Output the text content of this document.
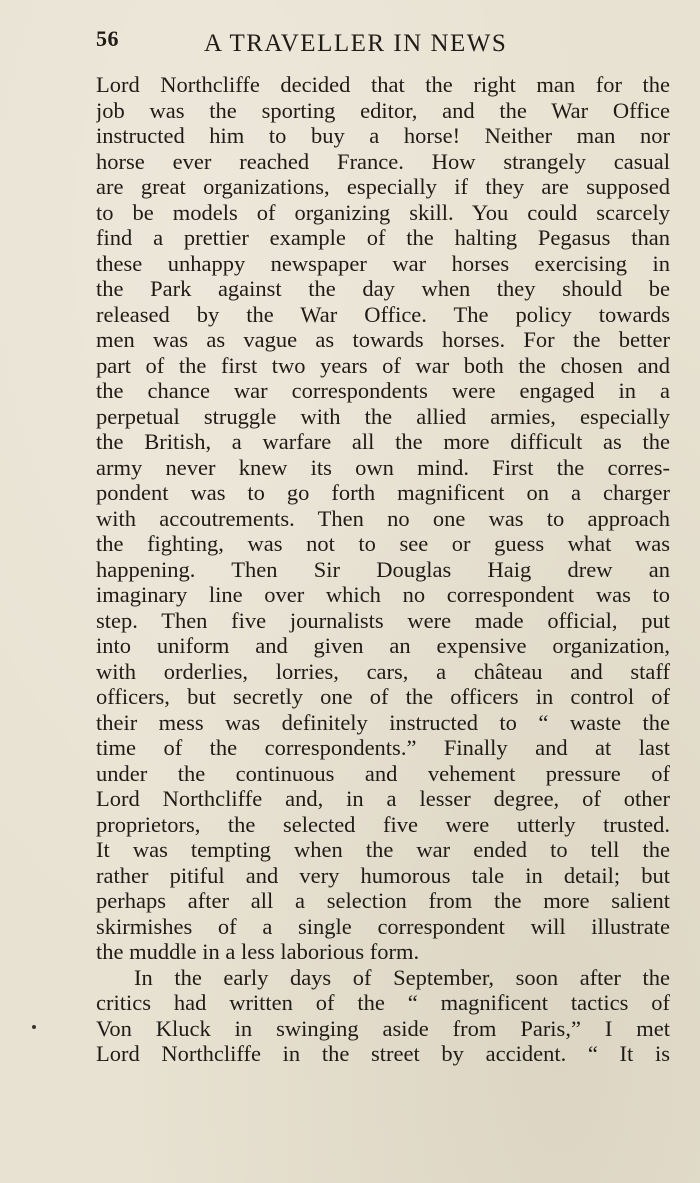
56	A TRAVELLER IN NEWS
Lord Northcliffe decided that the right man for the
job was the sporting editor, and the War Office
instructed him to buy a horse! Neither man nor
horse ever reached France. How strangely casual
are great organizations, especially if they are supposed
to be models of organizing skill. You could scarcely
find a prettier example of the halting Pegasus than
these unhappy newspaper war horses exercising in
the Park against the day when they should be
released by the War Office. The policy towards
men was as vague as towards horses. For the better
part of the first two years of war both the chosen and
the chance war correspondents were engaged in a
perpetual struggle with the allied armies, especially
the British, a warfare all the more difficult as the
army never knew its own mind. First the corres-
pondent was to go forth magnificent on a charger
with accoutrements. Then no one was to approach
the fighting, was not to see or guess what was
happening. Then Sir Douglas Haig drew an
imaginary line over which no correspondent was to
step. Then five journalists were made official, put
into uniform and given an expensive organization,
with orderlies, lorries, cars, a château and staff
officers, but secretly one of the officers in control of
their mess was definitely instructed to “ waste the
time of the correspondents.” Finally and at last
under the continuous and vehement pressure of
Lord Northcliffe and, in a lesser degree, of other
proprietors, the selected five were utterly trusted.
It was tempting when the war ended to tell the
rather pitiful and very humorous tale in detail; but
perhaps after all a selection from the more salient
skirmishes of a single correspondent will illustrate
the muddle in a less laborious form.
In the early days of September, soon after the
critics had written of the “ magnificent tactics of
Von Kluck in swinging aside from Paris,” I met
Lord Northcliffe in the street by accident. “ It is
